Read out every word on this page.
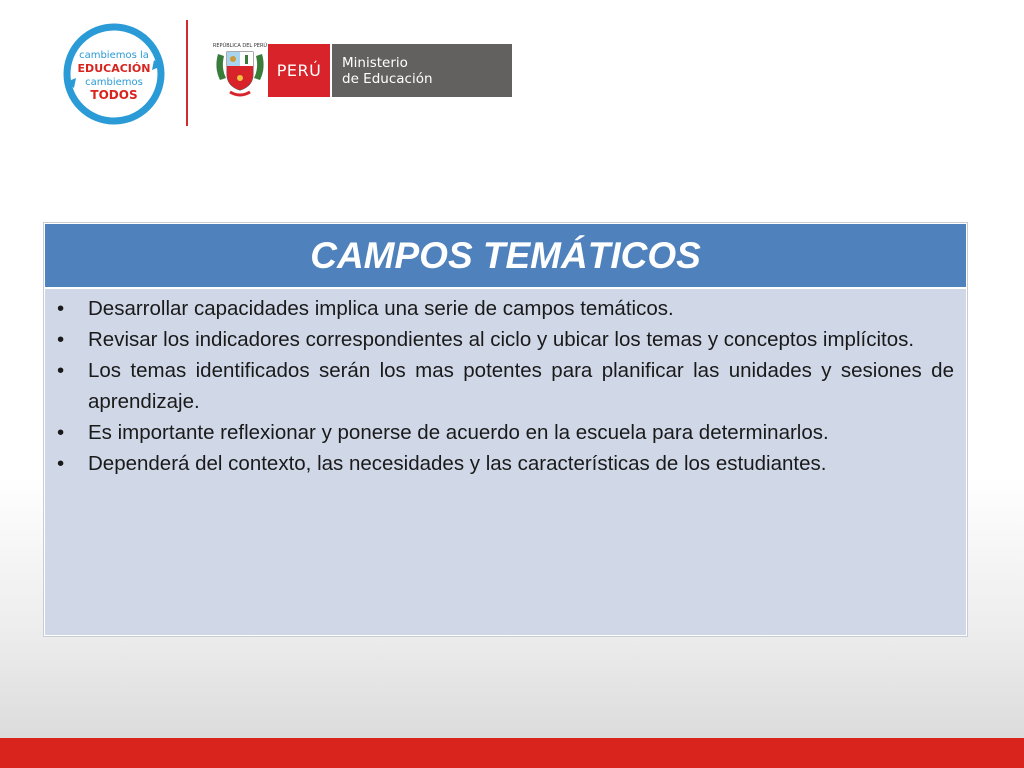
cambiemos la
EDUCACIÓN
cambiemos
TODOS
REPÚBLICA DEL PERÚ
PERÚ	Ministerio
de Educación
CAMPOS TEMÁTICOS
• Desarrollar capacidades implica una serie de campos temáticos.
• Revisar los indicadores correspondientes al ciclo y ubicar los temas y conceptos implícitos.
• Los temas identificados serán los mas potentes para planificar las unidades y sesiones de aprendizaje.
• Es importante reflexionar y ponerse de acuerdo en la escuela para determinarlos.
• Dependerá del contexto, las necesidades y las características de los estudiantes.
